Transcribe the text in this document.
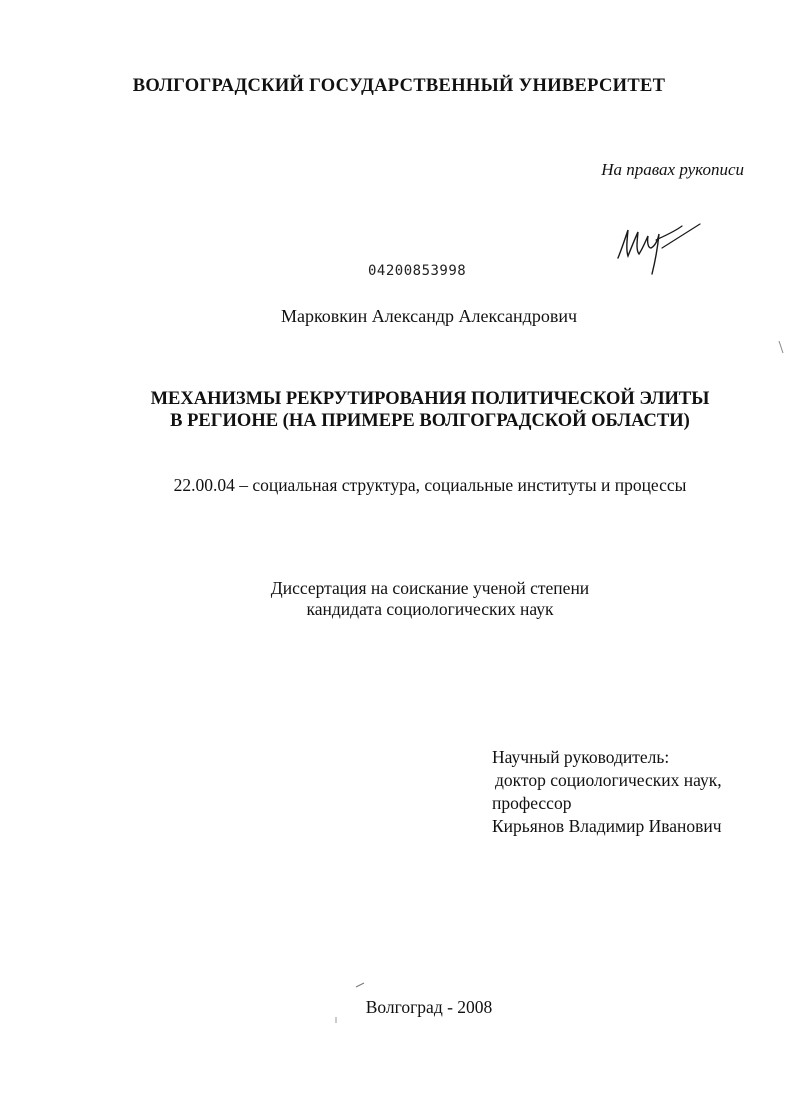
ВОЛГОГРАДСКИЙ ГОСУДАРСТВЕННЫЙ УНИВЕРСИТЕТ
На правах рукописи
04200853998
Марковкин Александр Александрович
МЕХАНИЗМЫ РЕКРУТИРОВАНИЯ ПОЛИТИЧЕСКОЙ ЭЛИТЫ
В РЕГИОНЕ (НА ПРИМЕРЕ ВОЛГОГРАДСКОЙ ОБЛАСТИ)
22.00.04 – социальная структура, социальные институты и процессы
Диссертация на соискание ученой степени
кандидата социологических наук
Научный руководитель:
доктор социологических наук,
профессор
Кирьянов Владимир Иванович
Волгоград - 2008
